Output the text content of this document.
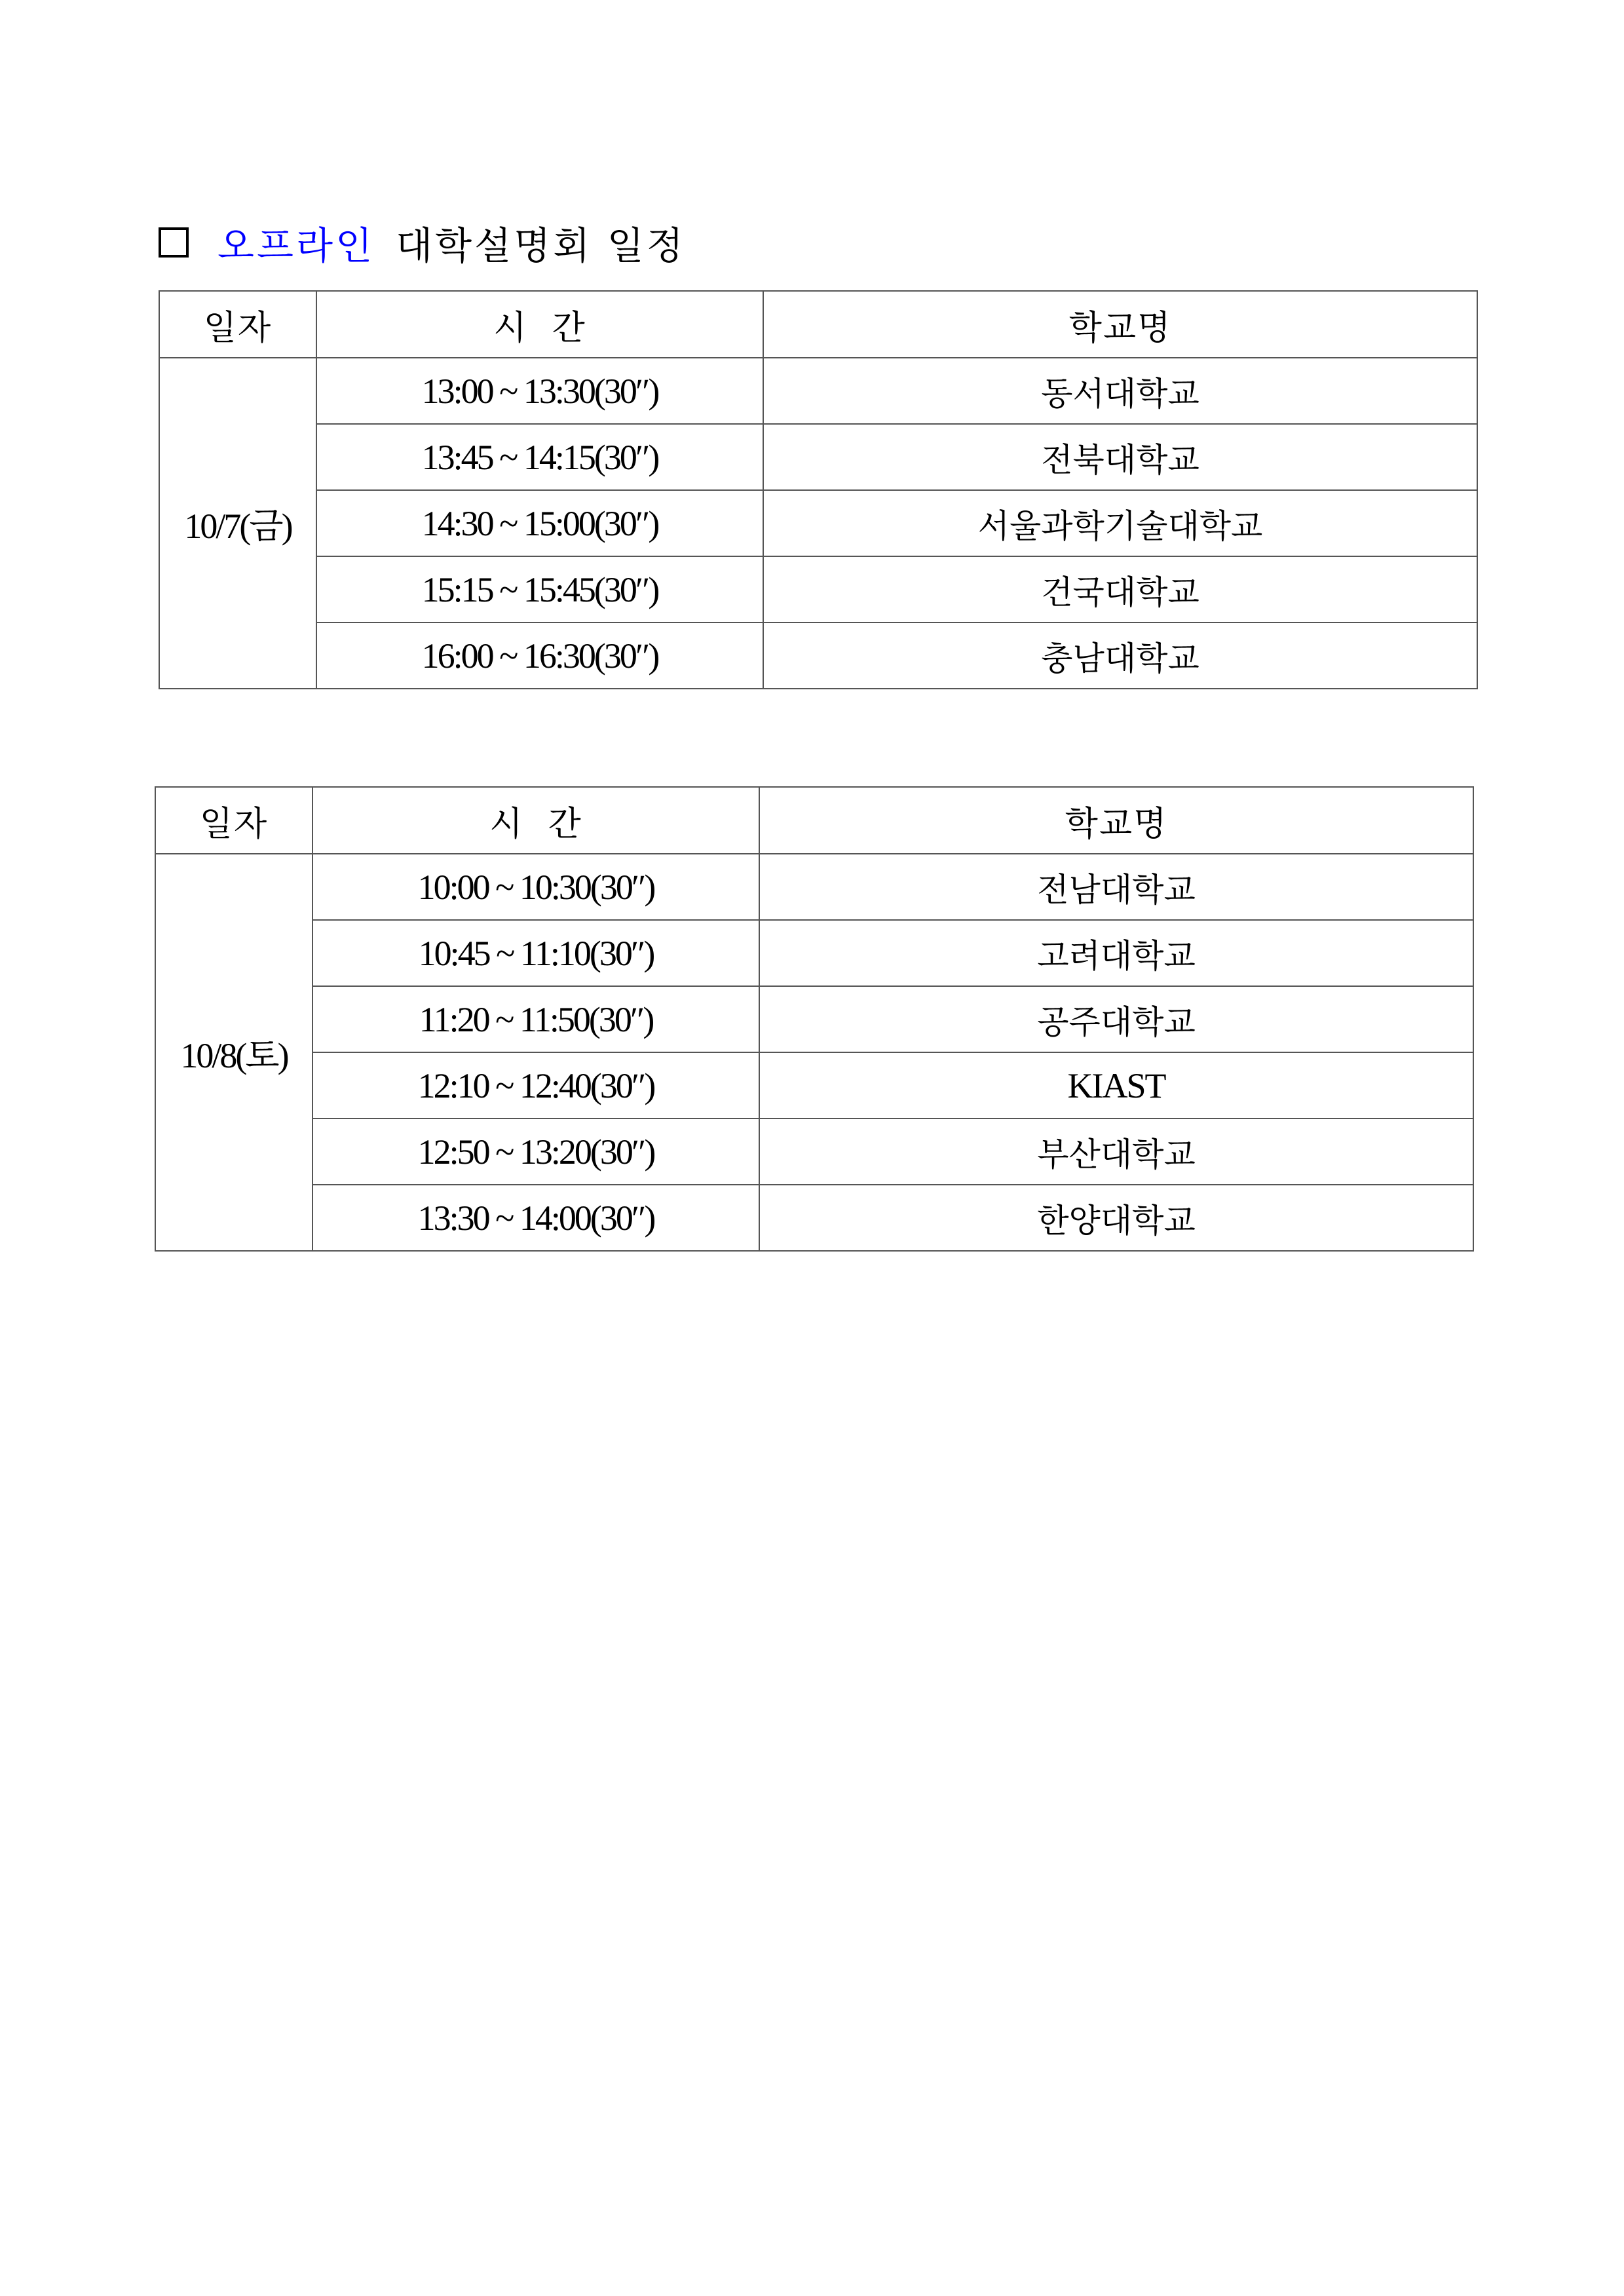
오프라인 대학설명회 일정
일자	시  간	학교명
10/7(금)	13:00 ~ 13:30(30″)	동서대학교
	13:45 ~ 14:15(30″)	전북대학교
	14:30 ~ 15:00(30″)	서울과학기술대학교
	15:15 ~ 15:45(30″)	건국대학교
	16:00 ~ 16:30(30″)	충남대학교
일자	시  간	학교명
10/8(토)	10:00 ~ 10:30(30″)	전남대학교
	10:45 ~ 11:10(30″)	고려대학교
	11:20 ~ 11:50(30″)	공주대학교
	12:10 ~ 12:40(30″)	KIAST
	12:50 ~ 13:20(30″)	부산대학교
	13:30 ~ 14:00(30″)	한양대학교
